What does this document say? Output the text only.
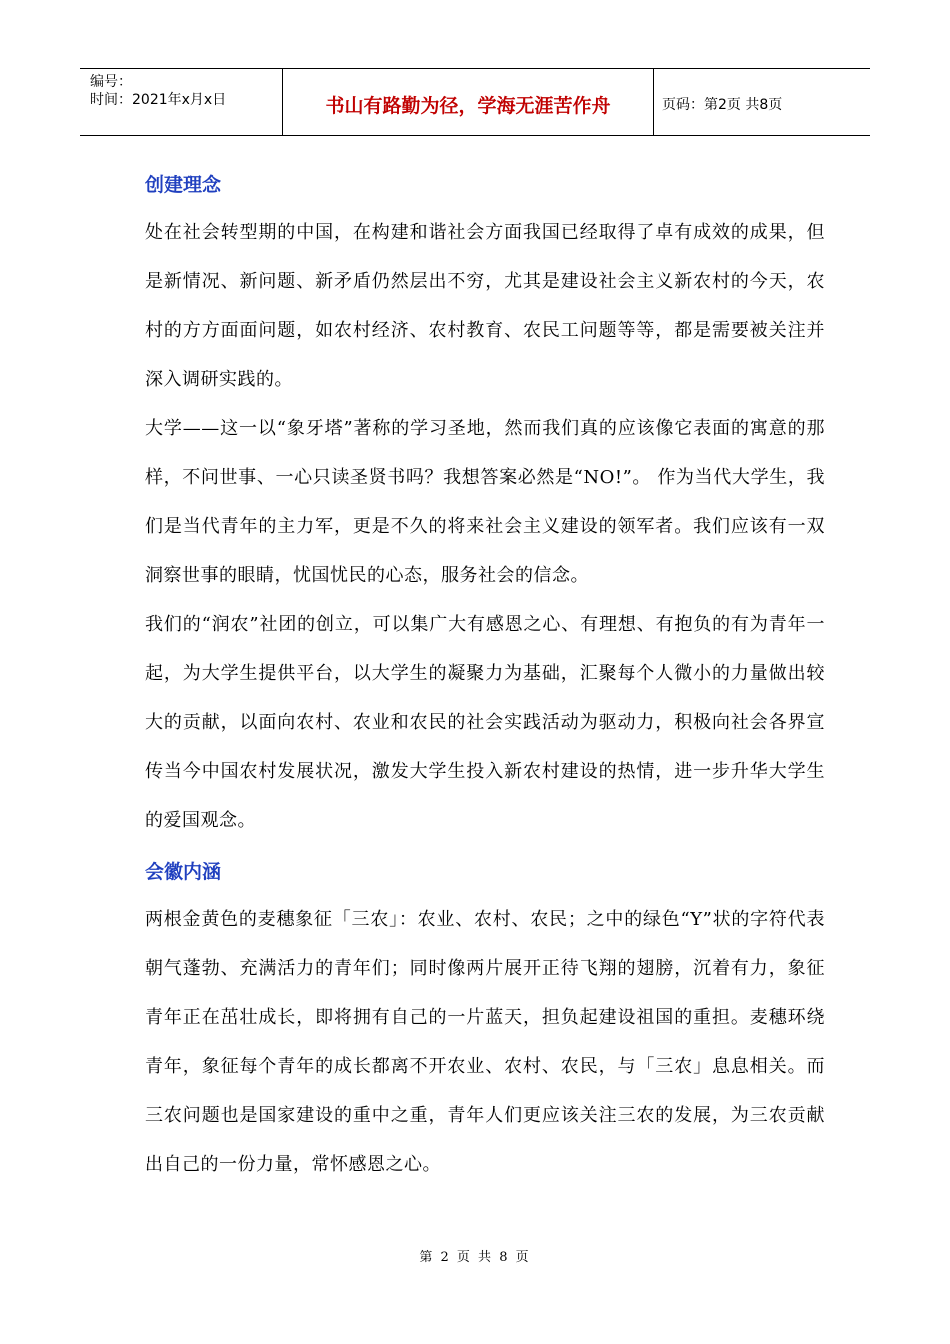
编号：
时间：2021年x月x日	书山有路勤为径，学海无涯苦作舟	页码：第2页 共8页
创建理念

处在社会转型期的中国，在构建和谐社会方面我国已经取得了卓有成效的成果，但是新情况、新问题、新矛盾仍然层出不穷，尤其是建设社会主义新农村的今天，农村的方方面面问题，如农村经济、农村教育、农民工问题等等，都是需要被关注并深入调研实践的。

大学——这一以“象牙塔”著称的学习圣地，然而我们真的应该像它表面的寓意的那样，不问世事、一心只读圣贤书吗？我想答案必然是“NO!”。 作为当代大学生，我们是当代青年的主力军，更是不久的将来社会主义建设的领军者。我们应该有一双洞察世事的眼睛，忧国忧民的心态，服务社会的信念。

我们的“润农”社团的创立，可以集广大有感恩之心、有理想、有抱负的有为青年一起，为大学生提供平台，以大学生的凝聚力为基础，汇聚每个人微小的力量做出较大的贡献，以面向农村、农业和农民的社会实践活动为驱动力，积极向社会各界宣传当今中国农村发展状况，激发大学生投入新农村建设的热情，进一步升华大学生的爱国观念。

会徽内涵

两根金黄色的麦穗象征「三农」：农业、农村、农民；之中的绿色“Y”状的字符代表朝气蓬勃、充满活力的青年们；同时像两片展开正待飞翔的翅膀，沉着有力，象征青年正在茁壮成长，即将拥有自己的一片蓝天，担负起建设祖国的重担。麦穗环绕青年，象征每个青年的成长都离不开农业、农村、农民，与「三农」息息相关。而三农问题也是国家建设的重中之重，青年人们更应该关注三农的发展，为三农贡献出自己的一份力量，常怀感恩之心。

第 2 页 共 8 页
